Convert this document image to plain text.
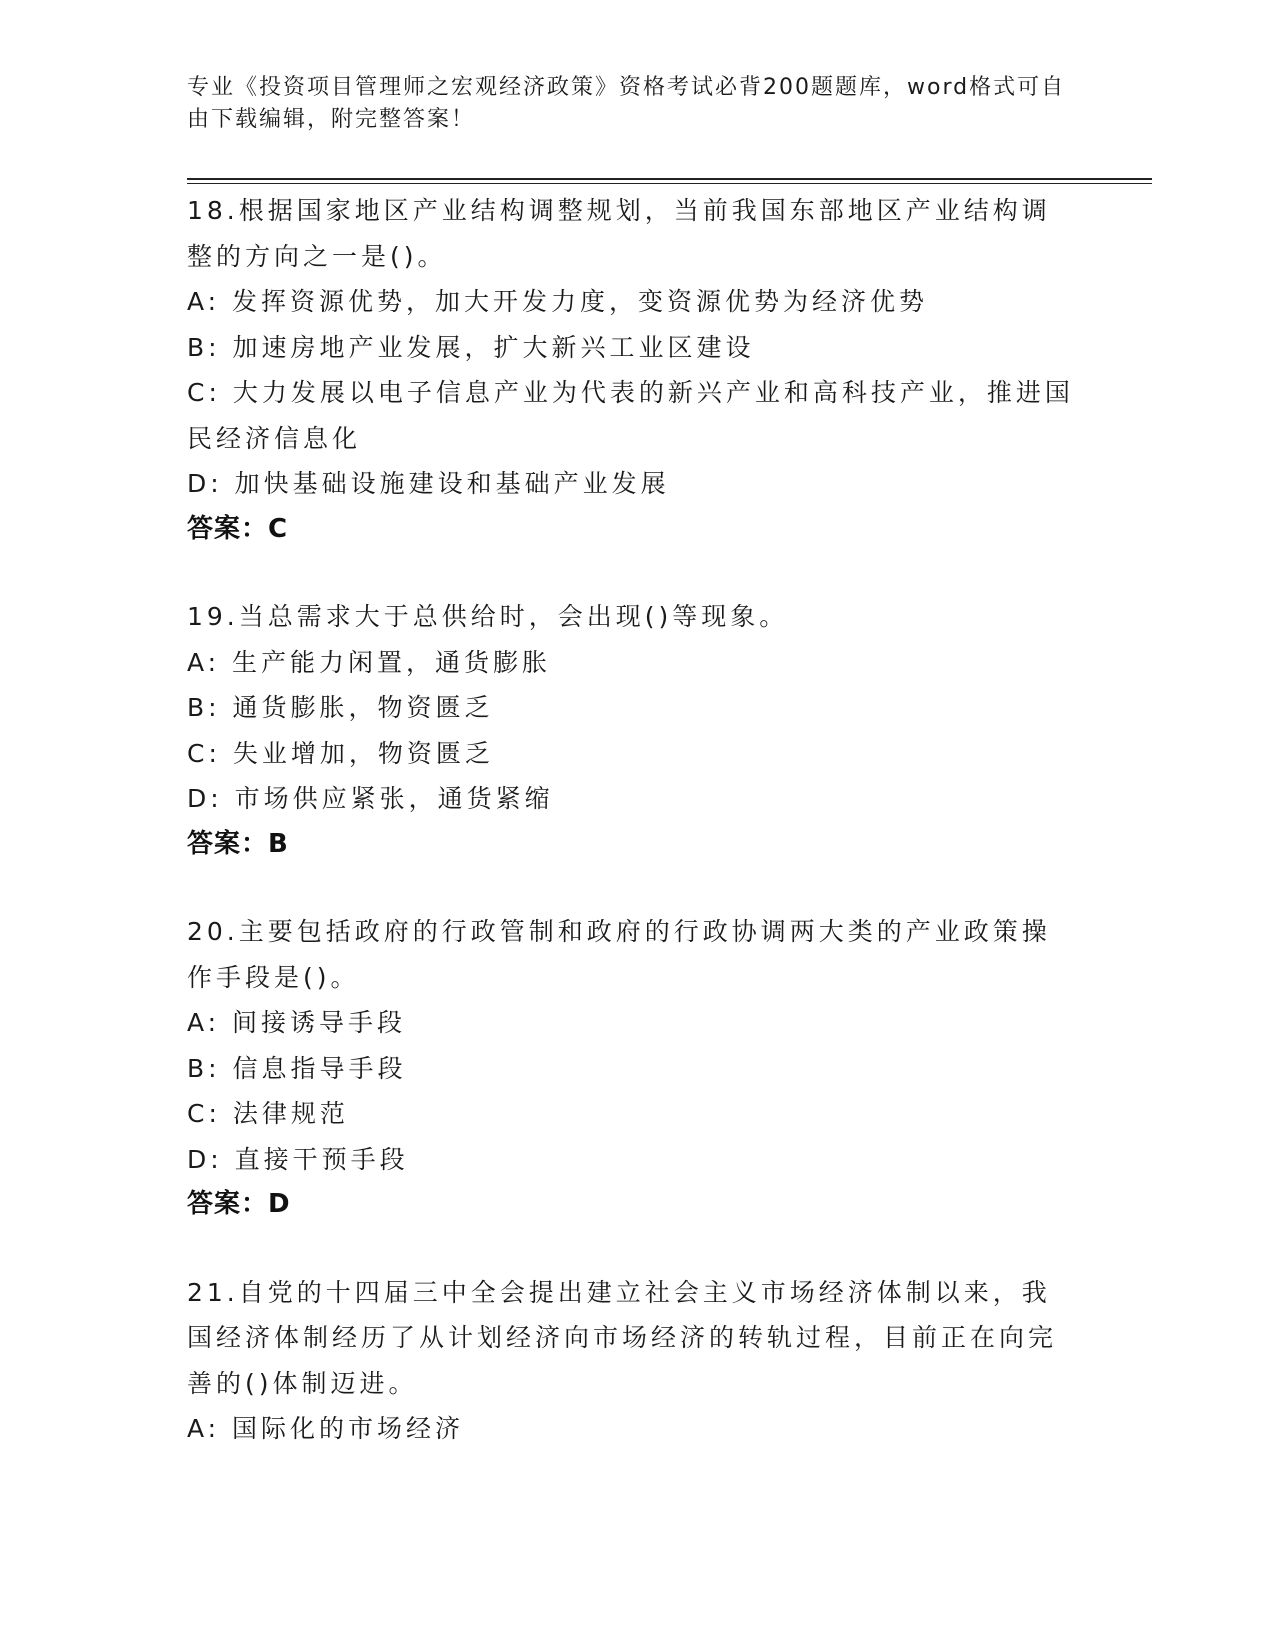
专业《投资项目管理师之宏观经济政策》资格考试必背200题题库，word格式可自由下载编辑，附完整答案！
18.根据国家地区产业结构调整规划，当前我国东部地区产业结构调整的方向之一是()。
A: 发挥资源优势，加大开发力度，变资源优势为经济优势
B: 加速房地产业发展，扩大新兴工业区建设
C: 大力发展以电子信息产业为代表的新兴产业和高科技产业，推进国民经济信息化
D: 加快基础设施建设和基础产业发展
答案：C
19.当总需求大于总供给时，会出现()等现象。
A: 生产能力闲置，通货膨胀
B: 通货膨胀，物资匮乏
C: 失业增加，物资匮乏
D: 市场供应紧张，通货紧缩
答案：B
20.主要包括政府的行政管制和政府的行政协调两大类的产业政策操作手段是()。
A: 间接诱导手段
B: 信息指导手段
C: 法律规范
D: 直接干预手段
答案：D
21.自党的十四届三中全会提出建立社会主义市场经济体制以来，我国经济体制经历了从计划经济向市场经济的转轨过程，目前正在向完善的()体制迈进。
A: 国际化的市场经济
